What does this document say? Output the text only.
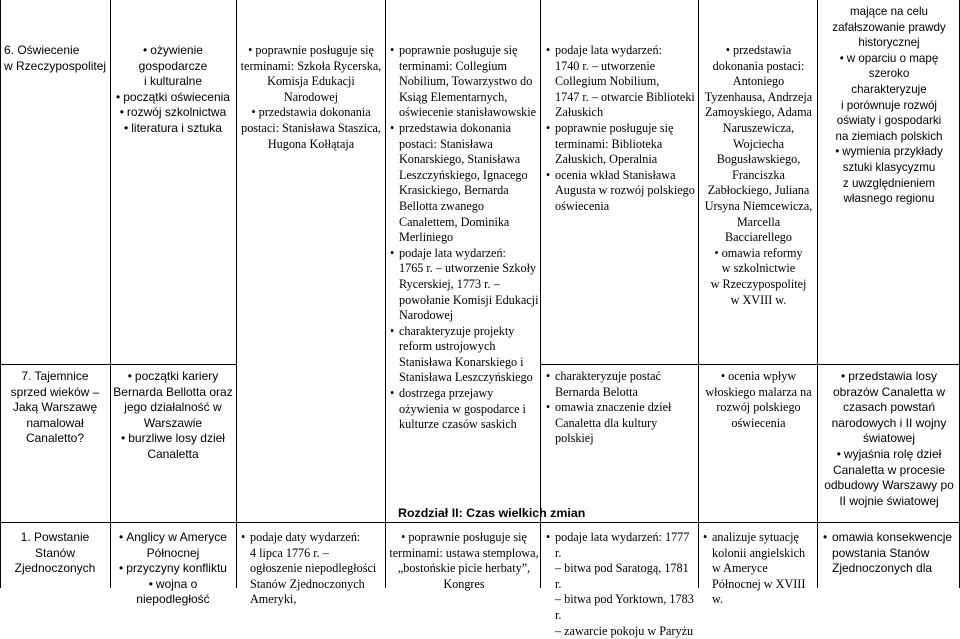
6. Oświecenie
w Rzeczypospolitej
• ożywienie
gospodarcze
i kulturalne
• początki oświecenia
• rozwój szkolnictwa
• literatura i sztuka
• poprawnie posługuje się terminami: Szkoła Rycerska, Komisja Edukacji Narodowej
• przedstawia dokonania postaci: Stanisława Staszica, Hugona Kołłątaja
• poprawnie posługuje się terminami: Collegium Nobilium, Towarzystwo do Ksiąg Elementarnych, oświecenie stanisławowskie
• przedstawia dokonania postaci: Stanisława Konarskiego, Stanisława Leszczyńskiego, Ignacego Krasickiego, Bernarda Bellotta zwanego Canalettem, Dominika Merliniego
• podaje lata wydarzeń:
1765 r. – utworzenie Szkoły Rycerskiej, 1773 r. – powołanie Komisji Edukacji Narodowej
• charakteryzuje projekty reform ustrojowych Stanisława Konarskiego i Stanisława Leszczyńskiego
• dostrzega przejawy ożywienia w gospodarce i kulturze czasów saskich
• podaje lata wydarzeń:
1740 r. – utworzenie Collegium Nobilium,
1747 r. – otwarcie Biblioteki Załuskich
• poprawnie posługuje się terminami: Biblioteka Załuskich, Operalnia
• ocenia wkład Stanisława Augusta w rozwój polskiego oświecenia
• przedstawia dokonania postaci: Antoniego Tyzenhausa, Andrzeja Zamoyskiego, Adama Naruszewicza, Wojciecha Bogusławskiego, Franciszka Zabłockiego, Juliana Ursyna Niemcewicza, Marcella Bacciarellego
• omawia reformy
w szkolnictwie
w Rzeczypospolitej
w XVIII w.
mające na celu
zafałszowanie prawdy
historycznej
• w oparciu o mapę
szeroko
charakteryzuje
i porównuje rozwój
oświaty i gospodarki
na ziemiach polskich
• wymienia przykłady
sztuki klasycyzmu
z uwzględnieniem
własnego regionu
7. Tajemnice sprzed wieków – Jaką Warszawę namalował Canaletto?
• początki kariery Bernarda Bellotta oraz jego działalność w Warszawie
• burzliwe losy dzieł Canaletta
• charakteryzuje postać Bernarda Belotta
• omawia znaczenie dzieł Canaletta dla kultury polskiej
• ocenia wpływ włoskiego malarza na rozwój polskiego oświecenia
• przedstawia losy obrazów Canaletta w czasach powstań narodowych i II wojny światowej
• wyjaśnia rolę dzieł Canaletta w procesie odbudowy Warszawy po II wojnie światowej
Rozdział II: Czas wielkich zmian
1. Powstanie Stanów Zjednoczonych
• Anglicy w Ameryce Północnej
• przyczyny konfliktu
• wojna o niepodległość
• podaje daty wydarzeń:
4 lipca 1776 r. – ogłoszenie niepodległości Stanów Zjednoczonych Ameryki,
• poprawnie posługuje się terminami: ustawa stemplowa, „bostońskie picie herbaty”, Kongres
• podaje lata wydarzeń: 1777 r.
– bitwa pod Saratogą, 1781 r.
– bitwa pod Yorktown, 1783 r.
– zawarcie pokoju w Paryżu
• analizuje sytuację kolonii angielskich
w Ameryce Północnej w XVIII w.
• omawia konsekwencje powstania Stanów Zjednoczonych dla
